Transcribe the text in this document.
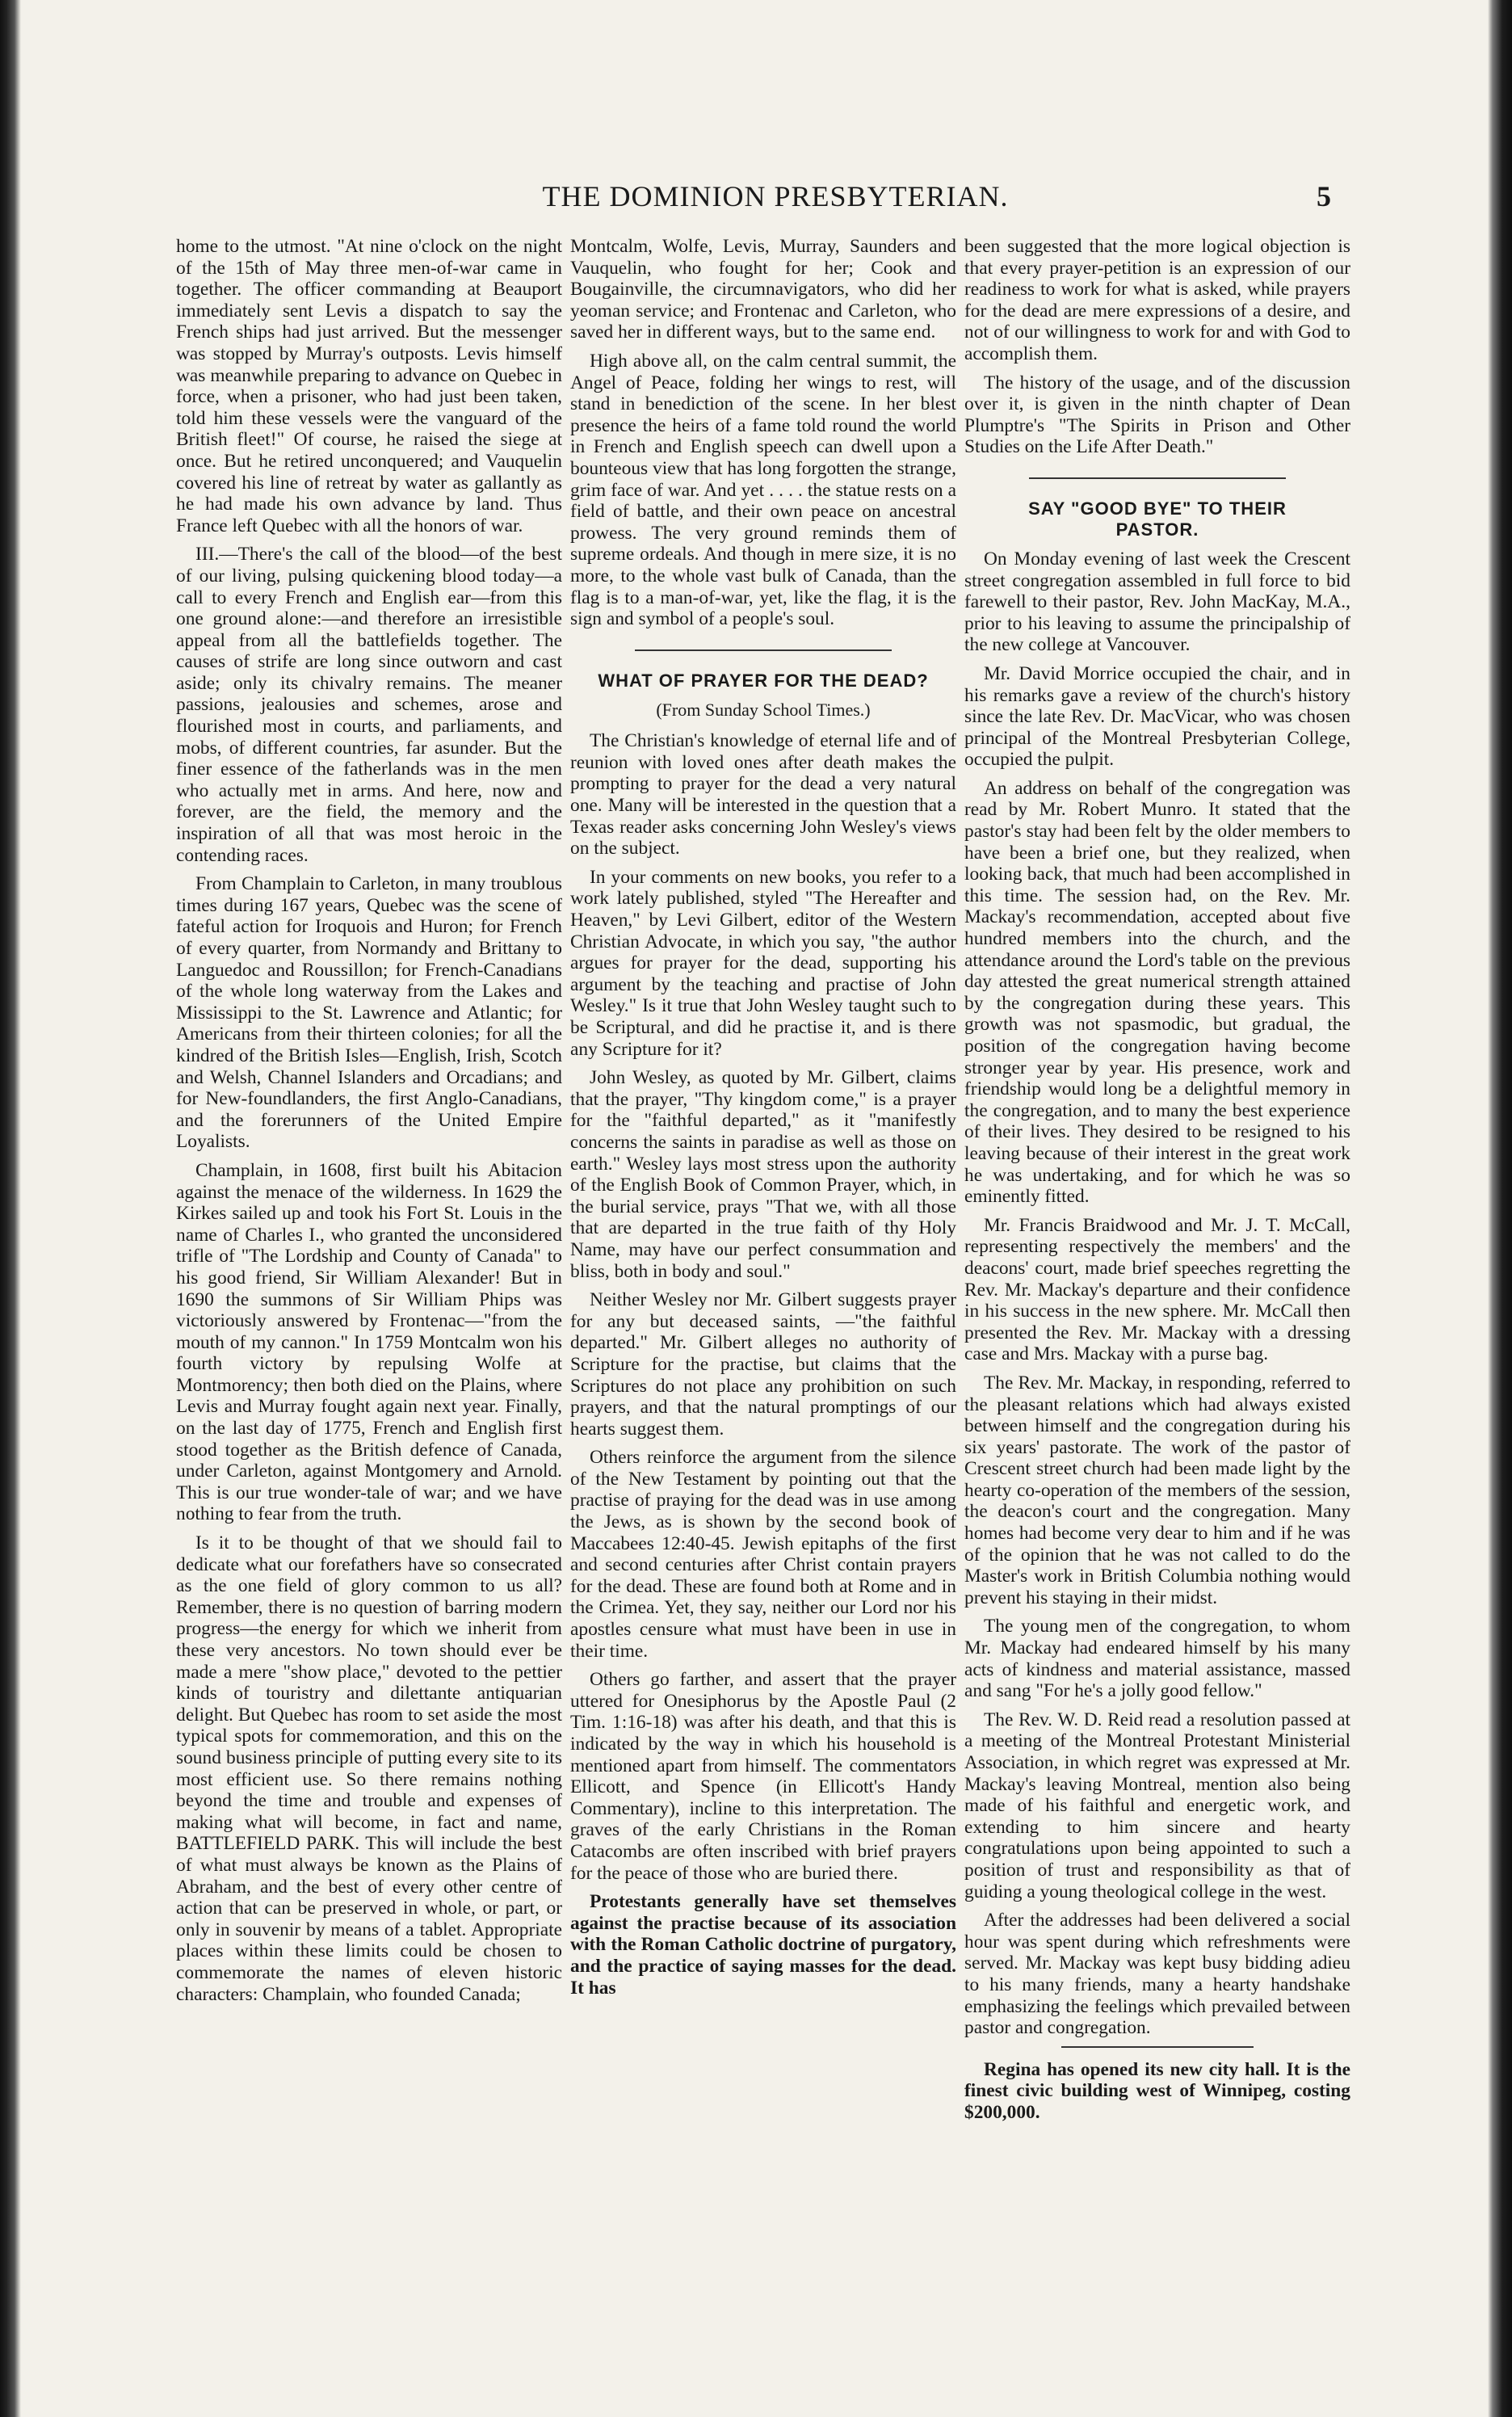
THE DOMINION PRESBYTERIAN.	5

home to the utmost. "At nine o'clock on the night of the 15th of May three men-of-war came in together. The officer commanding at Beauport immediately sent Levis a dispatch to say the French ships had just arrived. But the messenger was stopped by Murray's outposts. Levis himself was meanwhile preparing to advance on Quebec in force, when a prisoner, who had just been taken, told him these vessels were the vanguard of the British fleet!" Of course, he raised the siege at once. But he retired unconquered; and Vauquelin covered his line of retreat by water as gallantly as he had made his own advance by land. Thus France left Quebec with all the honors of war.

III.—There's the call of the blood—of the best of our living, pulsing quickening blood today—a call to every French and English ear—from this one ground alone:—and therefore an irresistible appeal from all the battlefields together. The causes of strife are long since outworn and cast aside; only its chivalry remains. The meaner passions, jealousies and schemes, arose and flourished most in courts, and parliaments, and mobs, of different countries, far asunder. But the finer essence of the fatherlands was in the men who actually met in arms. And here, now and forever, are the field, the memory and the inspiration of all that was most heroic in the contending races.

From Champlain to Carleton, in many troublous times during 167 years, Quebec was the scene of fateful action for Iroquois and Huron; for French of every quarter, from Normandy and Brittany to Languedoc and Roussillon; for French-Canadians of the whole long waterway from the Lakes and Mississippi to the St. Lawrence and Atlantic; for Americans from their thirteen colonies; for all the kindred of the British Isles—English, Irish, Scotch and Welsh, Channel Islanders and Orcadians; and for New-foundlanders, the first Anglo-Canadians, and the forerunners of the United Empire Loyalists.

Champlain, in 1608, first built his Abitacion against the menace of the wilderness. In 1629 the Kirkes sailed up and took his Fort St. Louis in the name of Charles I., who granted the unconsidered trifle of "The Lordship and County of Canada" to his good friend, Sir William Alexander! But in 1690 the summons of Sir William Phips was victoriously answered by Frontenac—"from the mouth of my cannon." In 1759 Montcalm won his fourth victory by repulsing Wolfe at Montmorency; then both died on the Plains, where Levis and Murray fought again next year. Finally, on the last day of 1775, French and English first stood together as the British defence of Canada, under Carleton, against Montgomery and Arnold. This is our true wonder-tale of war; and we have nothing to fear from the truth.

Is it to be thought of that we should fail to dedicate what our forefathers have so consecrated as the one field of glory common to us all? Remember, there is no question of barring modern progress—the energy for which we inherit from these very ancestors. No town should ever be made a mere "show place," devoted to the pettier kinds of touristry and dilettante antiquarian delight. But Quebec has room to set aside the most typical spots for commemoration, and this on the sound business principle of putting every site to its most efficient use. So there remains nothing beyond the time and trouble and expenses of making what will become, in fact and name, BATTLEFIELD PARK. This will include the best of what must always be known as the Plains of Abraham, and the best of every other centre of action that can be preserved in whole, or part, or only in souvenir by means of a tablet. Appropriate places within these limits could be chosen to commemorate the names of eleven historic characters: Champlain, who founded Canada;

Montcalm, Wolfe, Levis, Murray, Saunders and Vauquelin, who fought for her; Cook and Bougainville, the circumnavigators, who did her yeoman service; and Frontenac and Carleton, who saved her in different ways, but to the same end.

High above all, on the calm central summit, the Angel of Peace, folding her wings to rest, will stand in benediction of the scene. In her blest presence the heirs of a fame told round the world in French and English speech can dwell upon a bounteous view that has long forgotten the strange, grim face of war. And yet . . . . the statue rests on a field of battle, and their own peace on ancestral prowess. The very ground reminds them of supreme ordeals. And though in mere size, it is no more, to the whole vast bulk of Canada, than the flag is to a man-of-war, yet, like the flag, it is the sign and symbol of a people's soul.

WHAT OF PRAYER FOR THE DEAD?
(From Sunday School Times.)

The Christian's knowledge of eternal life and of reunion with loved ones after death makes the prompting to prayer for the dead a very natural one. Many will be interested in the question that a Texas reader asks concerning John Wesley's views on the subject.

In your comments on new books, you refer to a work lately published, styled "The Hereafter and Heaven," by Levi Gilbert, editor of the Western Christian Advocate, in which you say, "the author argues for prayer for the dead, supporting his argument by the teaching and practise of John Wesley." Is it true that John Wesley taught such to be Scriptural, and did he practise it, and is there any Scripture for it?

John Wesley, as quoted by Mr. Gilbert, claims that the prayer, "Thy kingdom come," is a prayer for the "faithful departed," as it "manifestly concerns the saints in paradise as well as those on earth." Wesley lays most stress upon the authority of the English Book of Common Prayer, which, in the burial service, prays "That we, with all those that are departed in the true faith of thy Holy Name, may have our perfect consummation and bliss, both in body and soul."

Neither Wesley nor Mr. Gilbert suggests prayer for any but deceased saints, —"the faithful departed." Mr. Gilbert alleges no authority of Scripture for the practise, but claims that the Scriptures do not place any prohibition on such prayers, and that the natural promptings of our hearts suggest them.

Others reinforce the argument from the silence of the New Testament by pointing out that the practise of praying for the dead was in use among the Jews, as is shown by the second book of Maccabees 12:40-45. Jewish epitaphs of the first and second centuries after Christ contain prayers for the dead. These are found both at Rome and in the Crimea. Yet, they say, neither our Lord nor his apostles censure what must have been in use in their time.

Others go farther, and assert that the prayer uttered for Onesiphorus by the Apostle Paul (2 Tim. 1:16-18) was after his death, and that this is indicated by the way in which his household is mentioned apart from himself. The commentators Ellicott, and Spence (in Ellicott's Handy Commentary), incline to this interpretation. The graves of the early Christians in the Roman Catacombs are often inscribed with brief prayers for the peace of those who are buried there.

Protestants generally have set themselves against the practise because of its association with the Roman Catholic doctrine of purgatory, and the practice of saying masses for the dead. It has

been suggested that the more logical objection is that every prayer-petition is an expression of our readiness to work for what is asked, while prayers for the dead are mere expressions of a desire, and not of our willingness to work for and with God to accomplish them.

The history of the usage, and of the discussion over it, is given in the ninth chapter of Dean Plumptre's "The Spirits in Prison and Other Studies on the Life After Death."

SAY "GOOD BYE" TO THEIR PASTOR.

On Monday evening of last week the Crescent street congregation assembled in full force to bid farewell to their pastor, Rev. John MacKay, M.A., prior to his leaving to assume the principalship of the new college at Vancouver.

Mr. David Morrice occupied the chair, and in his remarks gave a review of the church's history since the late Rev. Dr. MacVicar, who was chosen principal of the Montreal Presbyterian College, occupied the pulpit.

An address on behalf of the congregation was read by Mr. Robert Munro. It stated that the pastor's stay had been felt by the older members to have been a brief one, but they realized, when looking back, that much had been accomplished in this time. The session had, on the Rev. Mr. Mackay's recommendation, accepted about five hundred members into the church, and the attendance around the Lord's table on the previous day attested the great numerical strength attained by the congregation during these years. This growth was not spasmodic, but gradual, the position of the congregation having become stronger year by year. His presence, work and friendship would long be a delightful memory in the congregation, and to many the best experience of their lives. They desired to be resigned to his leaving because of their interest in the great work he was undertaking, and for which he was so eminently fitted.

Mr. Francis Braidwood and Mr. J. T. McCall, representing respectively the members' and the deacons' court, made brief speeches regretting the Rev. Mr. Mackay's departure and their confidence in his success in the new sphere. Mr. McCall then presented the Rev. Mr. Mackay with a dressing case and Mrs. Mackay with a purse bag.

The Rev. Mr. Mackay, in responding, referred to the pleasant relations which had always existed between himself and the congregation during his six years' pastorate. The work of the pastor of Crescent street church had been made light by the hearty co-operation of the members of the session, the deacon's court and the congregation. Many homes had become very dear to him and if he was of the opinion that he was not called to do the Master's work in British Columbia nothing would prevent his staying in their midst.

The young men of the congregation, to whom Mr. Mackay had endeared himself by his many acts of kindness and material assistance, massed and sang "For he's a jolly good fellow."

The Rev. W. D. Reid read a resolution passed at a meeting of the Montreal Protestant Ministerial Association, in which regret was expressed at Mr. Mackay's leaving Montreal, mention also being made of his faithful and energetic work, and extending to him sincere and hearty congratulations upon being appointed to such a position of trust and responsibility as that of guiding a young theological college in the west.

After the addresses had been delivered a social hour was spent during which refreshments were served. Mr. Mackay was kept busy bidding adieu to his many friends, many a hearty handshake emphasizing the feelings which prevailed between pastor and congregation.

Regina has opened its new city hall. It is the finest civic building west of Winnipeg, costing $200,000.
